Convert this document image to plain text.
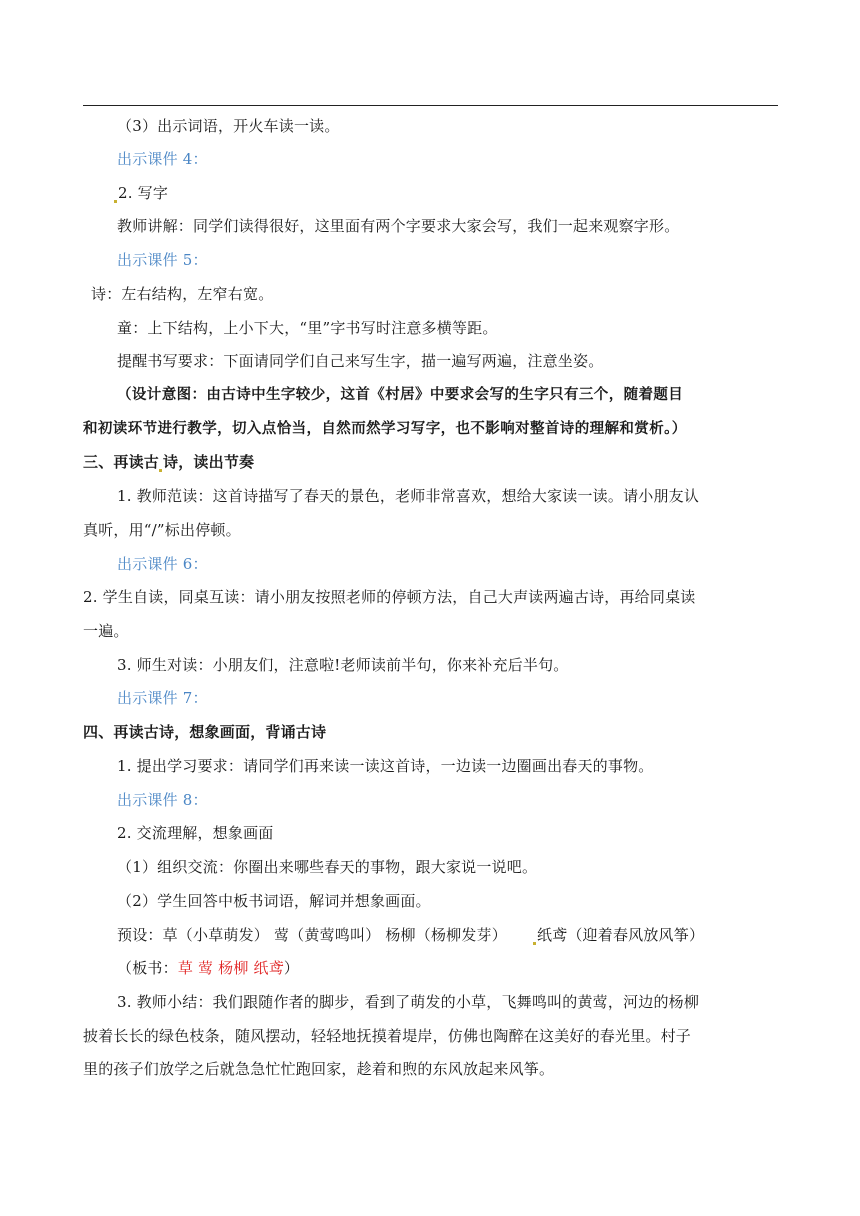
（3）出示词语，开火车读一读。
出示课件 4：
2. 写字
教师讲解：同学们读得很好，这里面有两个字要求大家会写，我们一起来观察字形。
出示课件 5：
诗：左右结构，左窄右宽。
童：上下结构，上小下大，“里”字书写时注意多横等距。
提醒书写要求：下面请同学们自己来写生字，描一遍写两遍，注意坐姿。
（设计意图：由古诗中生字较少，这首《村居》中要求会写的生字只有三个，随着题目
和初读环节进行教学，切入点恰当，自然而然学习写字，也不影响对整首诗的理解和赏析。）
三、再读古 诗，读出节奏
1. 教师范读：这首诗描写了春天的景色，老师非常喜欢，想给大家读一读。请小朋友认
真听，用“/”标出停顿。
出示课件 6：
2. 学生自读，同桌互读：请小朋友按照老师的停顿方法，自己大声读两遍古诗，再给同桌读
一遍。
3. 师生对读：小朋友们，注意啦!老师读前半句，你来补充后半句。
出示课件 7：
四、再读古诗，想象画面，背诵古诗
1. 提出学习要求：请同学们再来读一读这首诗，一边读一边圈画出春天的事物。
出示课件 8：
2. 交流理解，想象画面
（1）组织交流：你圈出来哪些春天的事物，跟大家说一说吧。
（2）学生回答中板书词语，解词并想象画面。
预设：草（小草萌发） 莺（黄莺鸣叫） 杨柳（杨柳发芽） 纸鸢（迎着春风放风筝）
（板书：草 莺 杨柳 纸鸢）
3. 教师小结：我们跟随作者的脚步，看到了萌发的小草，飞舞鸣叫的黄莺，河边的杨柳
披着长长的绿色枝条，随风摆动，轻轻地抚摸着堤岸，仿佛也陶醉在这美好的春光里。村子
里的孩子们放学之后就急急忙忙跑回家，趁着和煦的东风放起来风筝。
